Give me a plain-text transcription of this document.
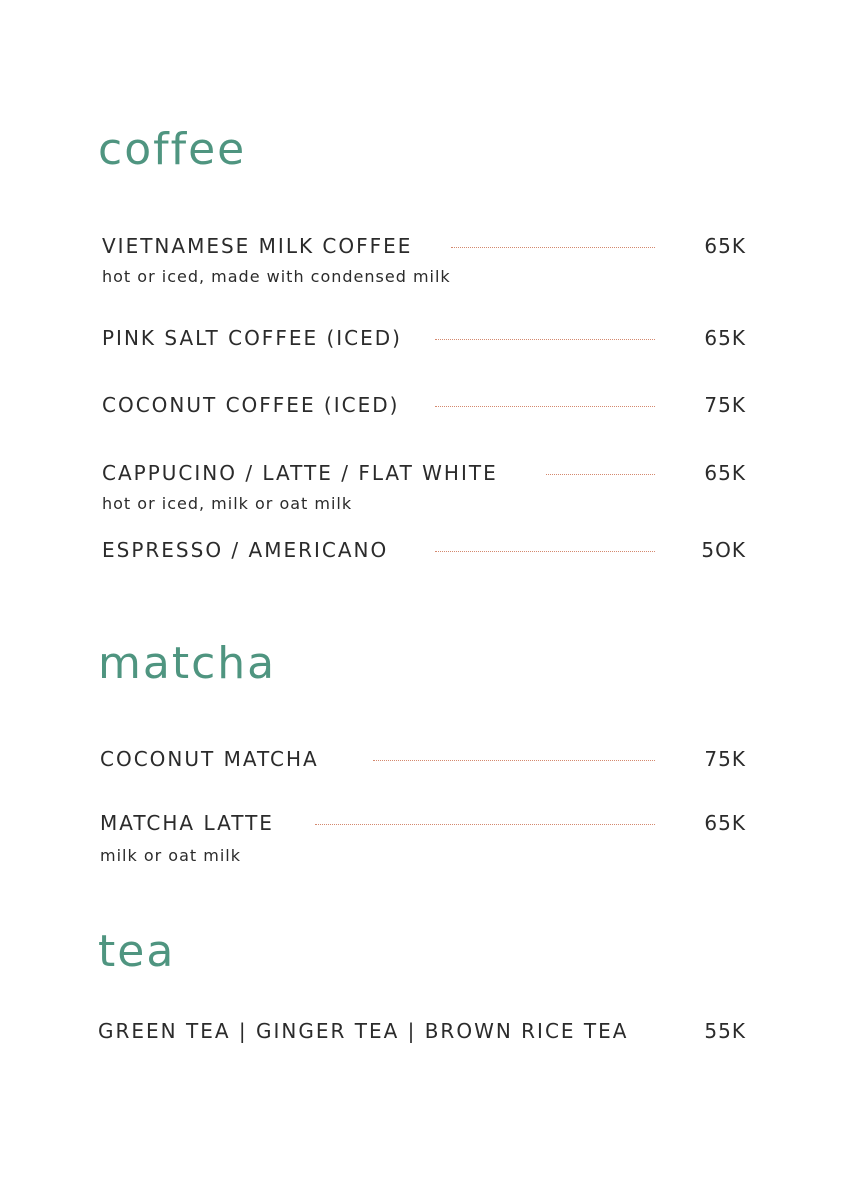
coffee
VIETNAMESE MILK COFFEE	65K
hot or iced, made with condensed milk
PINK SALT COFFEE (ICED)	65K
COCONUT COFFEE (ICED)	75K
CAPPUCINO / LATTE / FLAT WHITE	65K
hot or iced, milk or oat milk
ESPRESSO / AMERICANO	5OK
matcha
COCONUT MATCHA	75K
MATCHA LATTE	65K
milk or oat milk
tea
GREEN TEA | GINGER TEA | BROWN RICE TEA	55K
